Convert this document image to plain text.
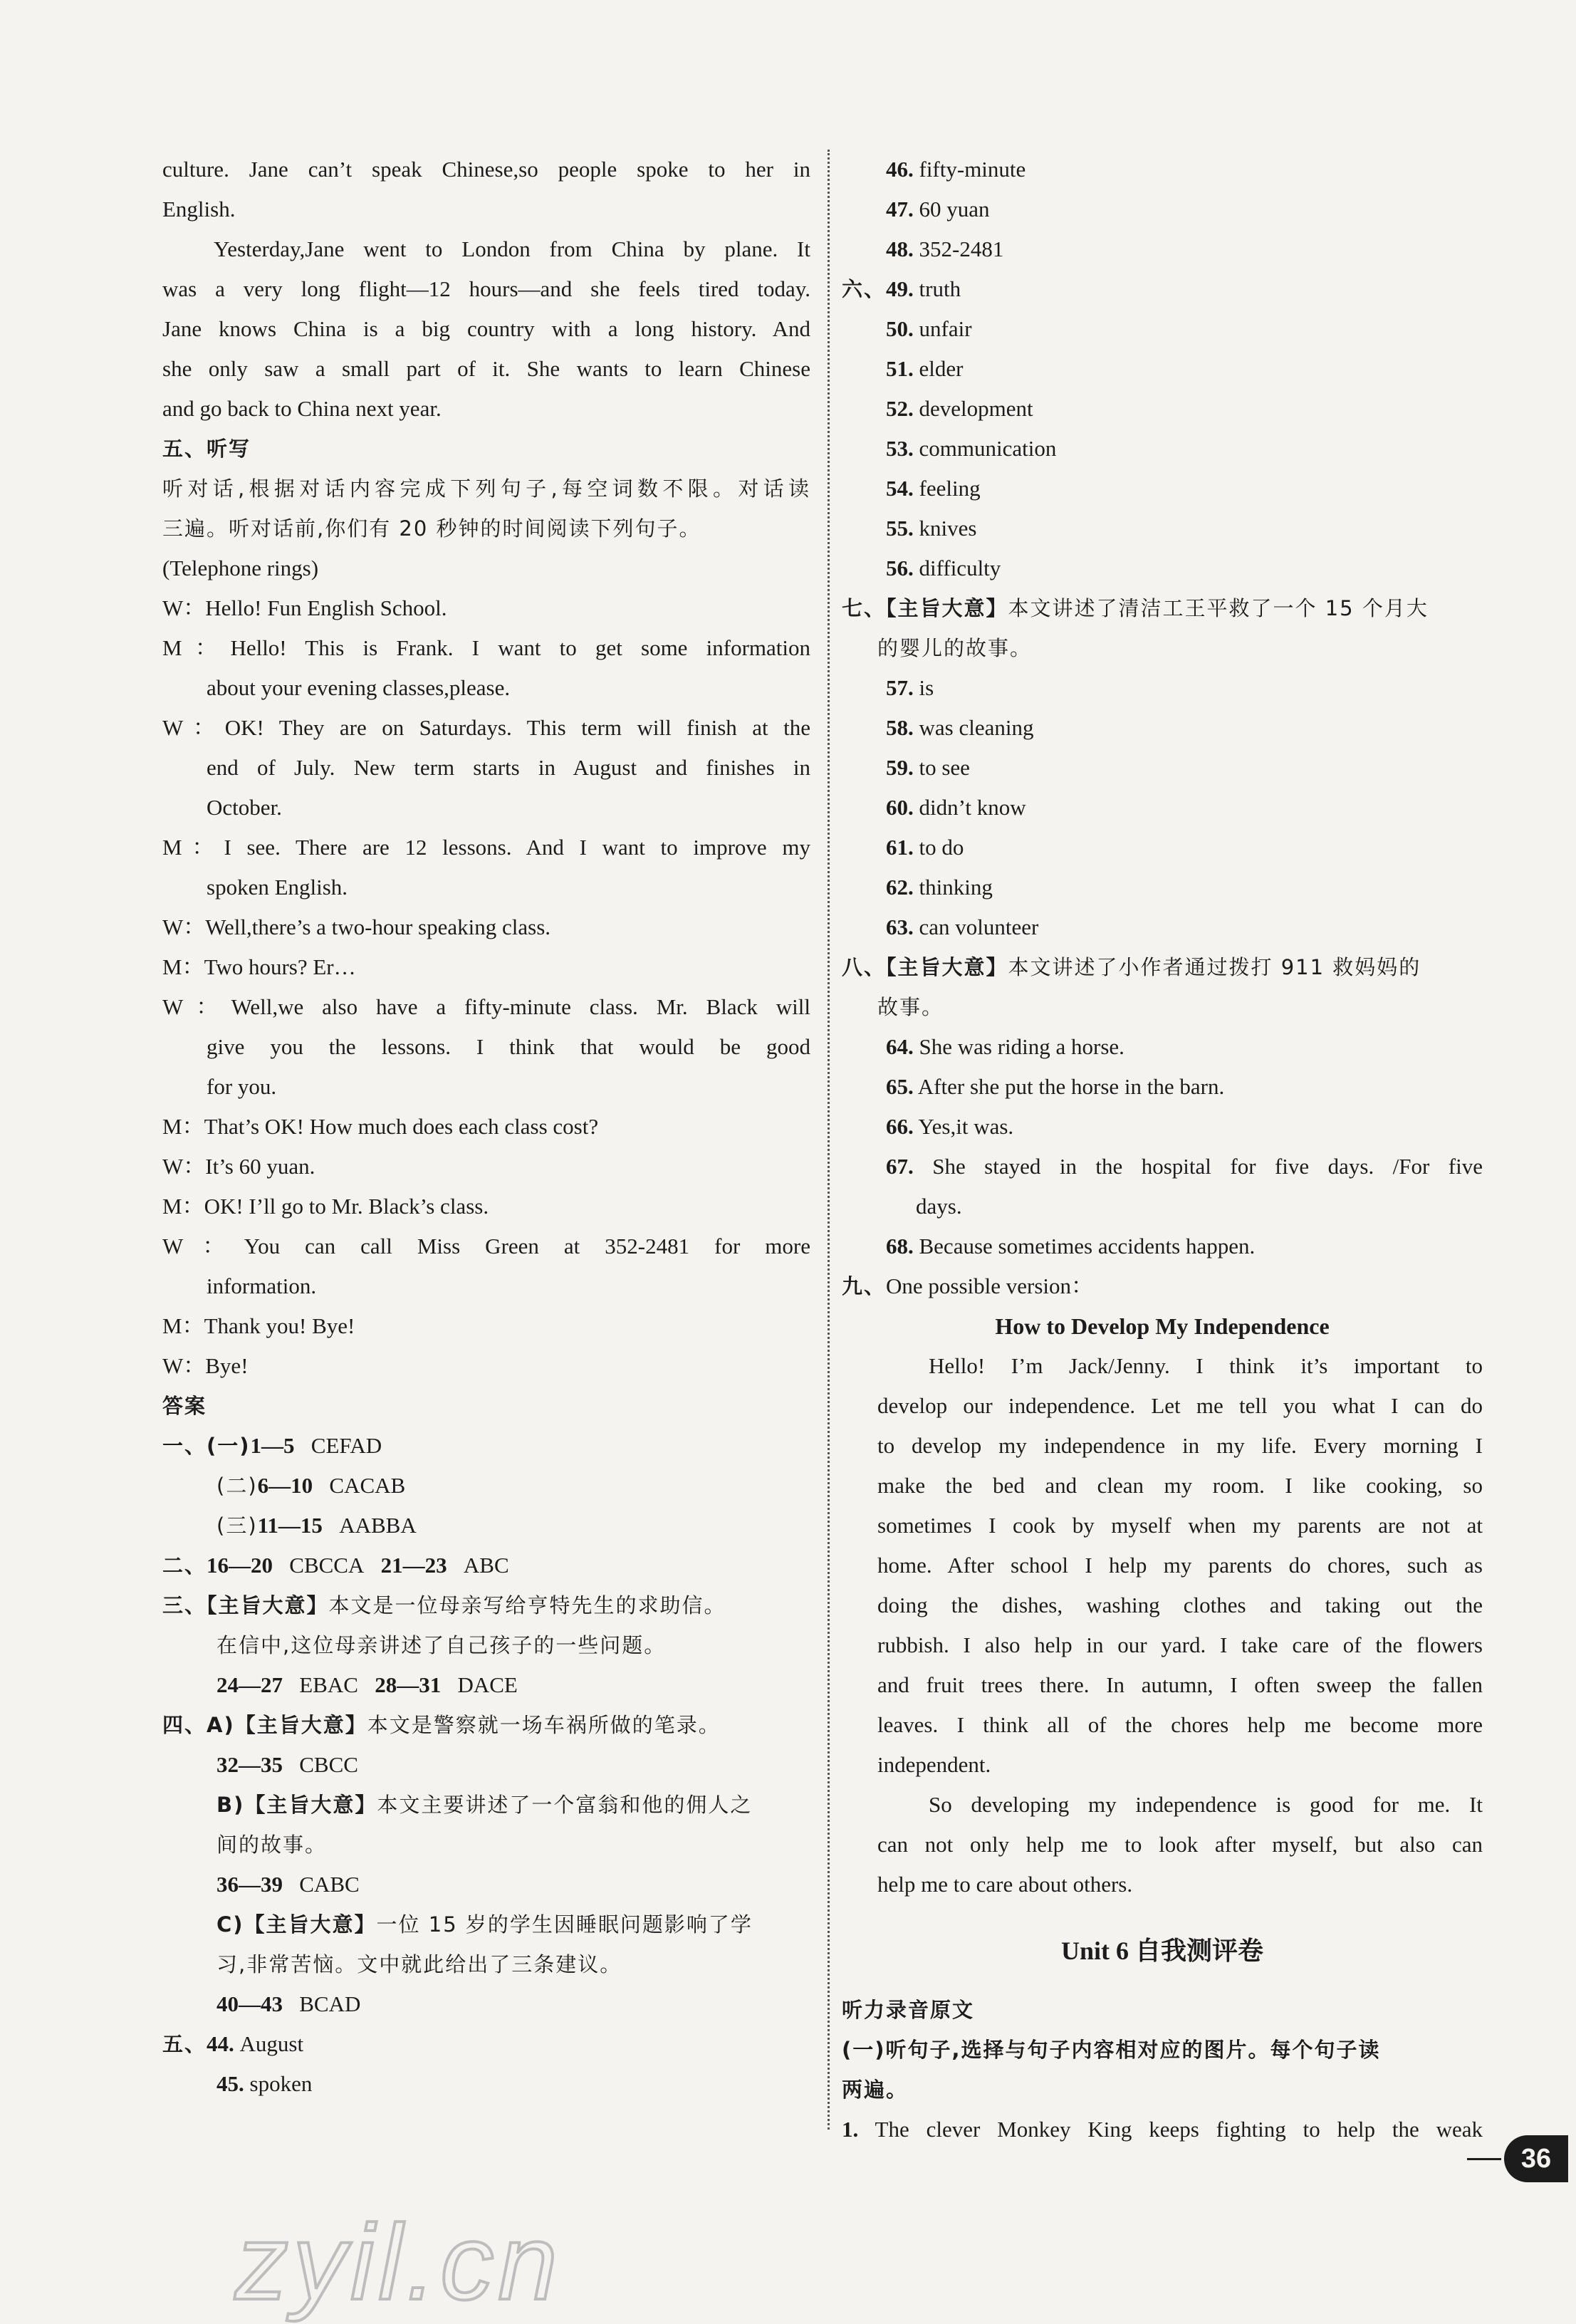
culture. Jane can’t speak Chinese,so people spoke to her in
English.
Yesterday,Jane went to London from China by plane. It
was a very long flight—12 hours—and she feels tired today.
Jane knows China is a big country with a long history. And
she only saw a small part of it. She wants to learn Chinese
and go back to China next year.
五、听写
听对话,根据对话内容完成下列句子,每空词数不限。对话读
三遍。听对话前,你们有 20 秒钟的时间阅读下列句子。
(Telephone rings)
W：Hello! Fun English School.
M：Hello! This is Frank. I want to get some information
about your evening classes,please.
W：OK! They are on Saturdays. This term will finish at the
end of July. New term starts in August and finishes in
October.
M：I see. There are 12 lessons. And I want to improve my
spoken English.
W：Well,there’s a two-hour speaking class.
M：Two hours? Er…
W：Well,we also have a fifty-minute class. Mr. Black will
give you the lessons. I think that would be good
for you.
M：That’s OK! How much does each class cost?
W：It’s 60 yuan.
M：OK! I’ll go to Mr. Black’s class.
W：You can call Miss Green at 352-2481 for more
information.
M：Thank you! Bye!
W：Bye!
答案
一、(一)1—5 CEFAD
(二)6—10 CACAB
(三)11—15 AABBA
二、16—20 CBCCA 21—23 ABC
三、【主旨大意】本文是一位母亲写给亨特先生的求助信。
在信中,这位母亲讲述了自己孩子的一些问题。
24—27 EBAC 28—31 DACE
四、A)【主旨大意】本文是警察就一场车祸所做的笔录。
32—35 CBCC
B)【主旨大意】本文主要讲述了一个富翁和他的佣人之
间的故事。
36—39 CABC
C)【主旨大意】一位 15 岁的学生因睡眠问题影响了学
习,非常苦恼。文中就此给出了三条建议。
40—43 BCAD
五、44. August
45. spoken
46. fifty-minute
47. 60 yuan
48. 352-2481
六、49. truth
50. unfair
51. elder
52. development
53. communication
54. feeling
55. knives
56. difficulty
七、【主旨大意】本文讲述了清洁工王平救了一个 15 个月大
的婴儿的故事。
57. is
58. was cleaning
59. to see
60. didn’t know
61. to do
62. thinking
63. can volunteer
八、【主旨大意】本文讲述了小作者通过拨打 911 救妈妈的
故事。
64. She was riding a horse.
65. After she put the horse in the barn.
66. Yes,it was.
67. She stayed in the hospital for five days. /For five
days.
68. Because sometimes accidents happen.
九、One possible version：
How to Develop My Independence
Hello! I’m Jack/Jenny. I think it’s important to
develop our independence. Let me tell you what I can do
to develop my independence in my life. Every morning I
make the bed and clean my room. I like cooking, so
sometimes I cook by myself when my parents are not at
home. After school I help my parents do chores, such as
doing the dishes, washing clothes and taking out the
rubbish. I also help in our yard. I take care of the flowers
and fruit trees there. In autumn, I often sweep the fallen
leaves. I think all of the chores help me become more
independent.
So developing my independence is good for me. It
can not only help me to look after myself, but also can
help me to care about others.
Unit 6 自我测评卷
听力录音原文
(一)听句子,选择与句子内容相对应的图片。每个句子读
两遍。
1. The clever Monkey King keeps fighting to help the weak
36
zyil.cn
